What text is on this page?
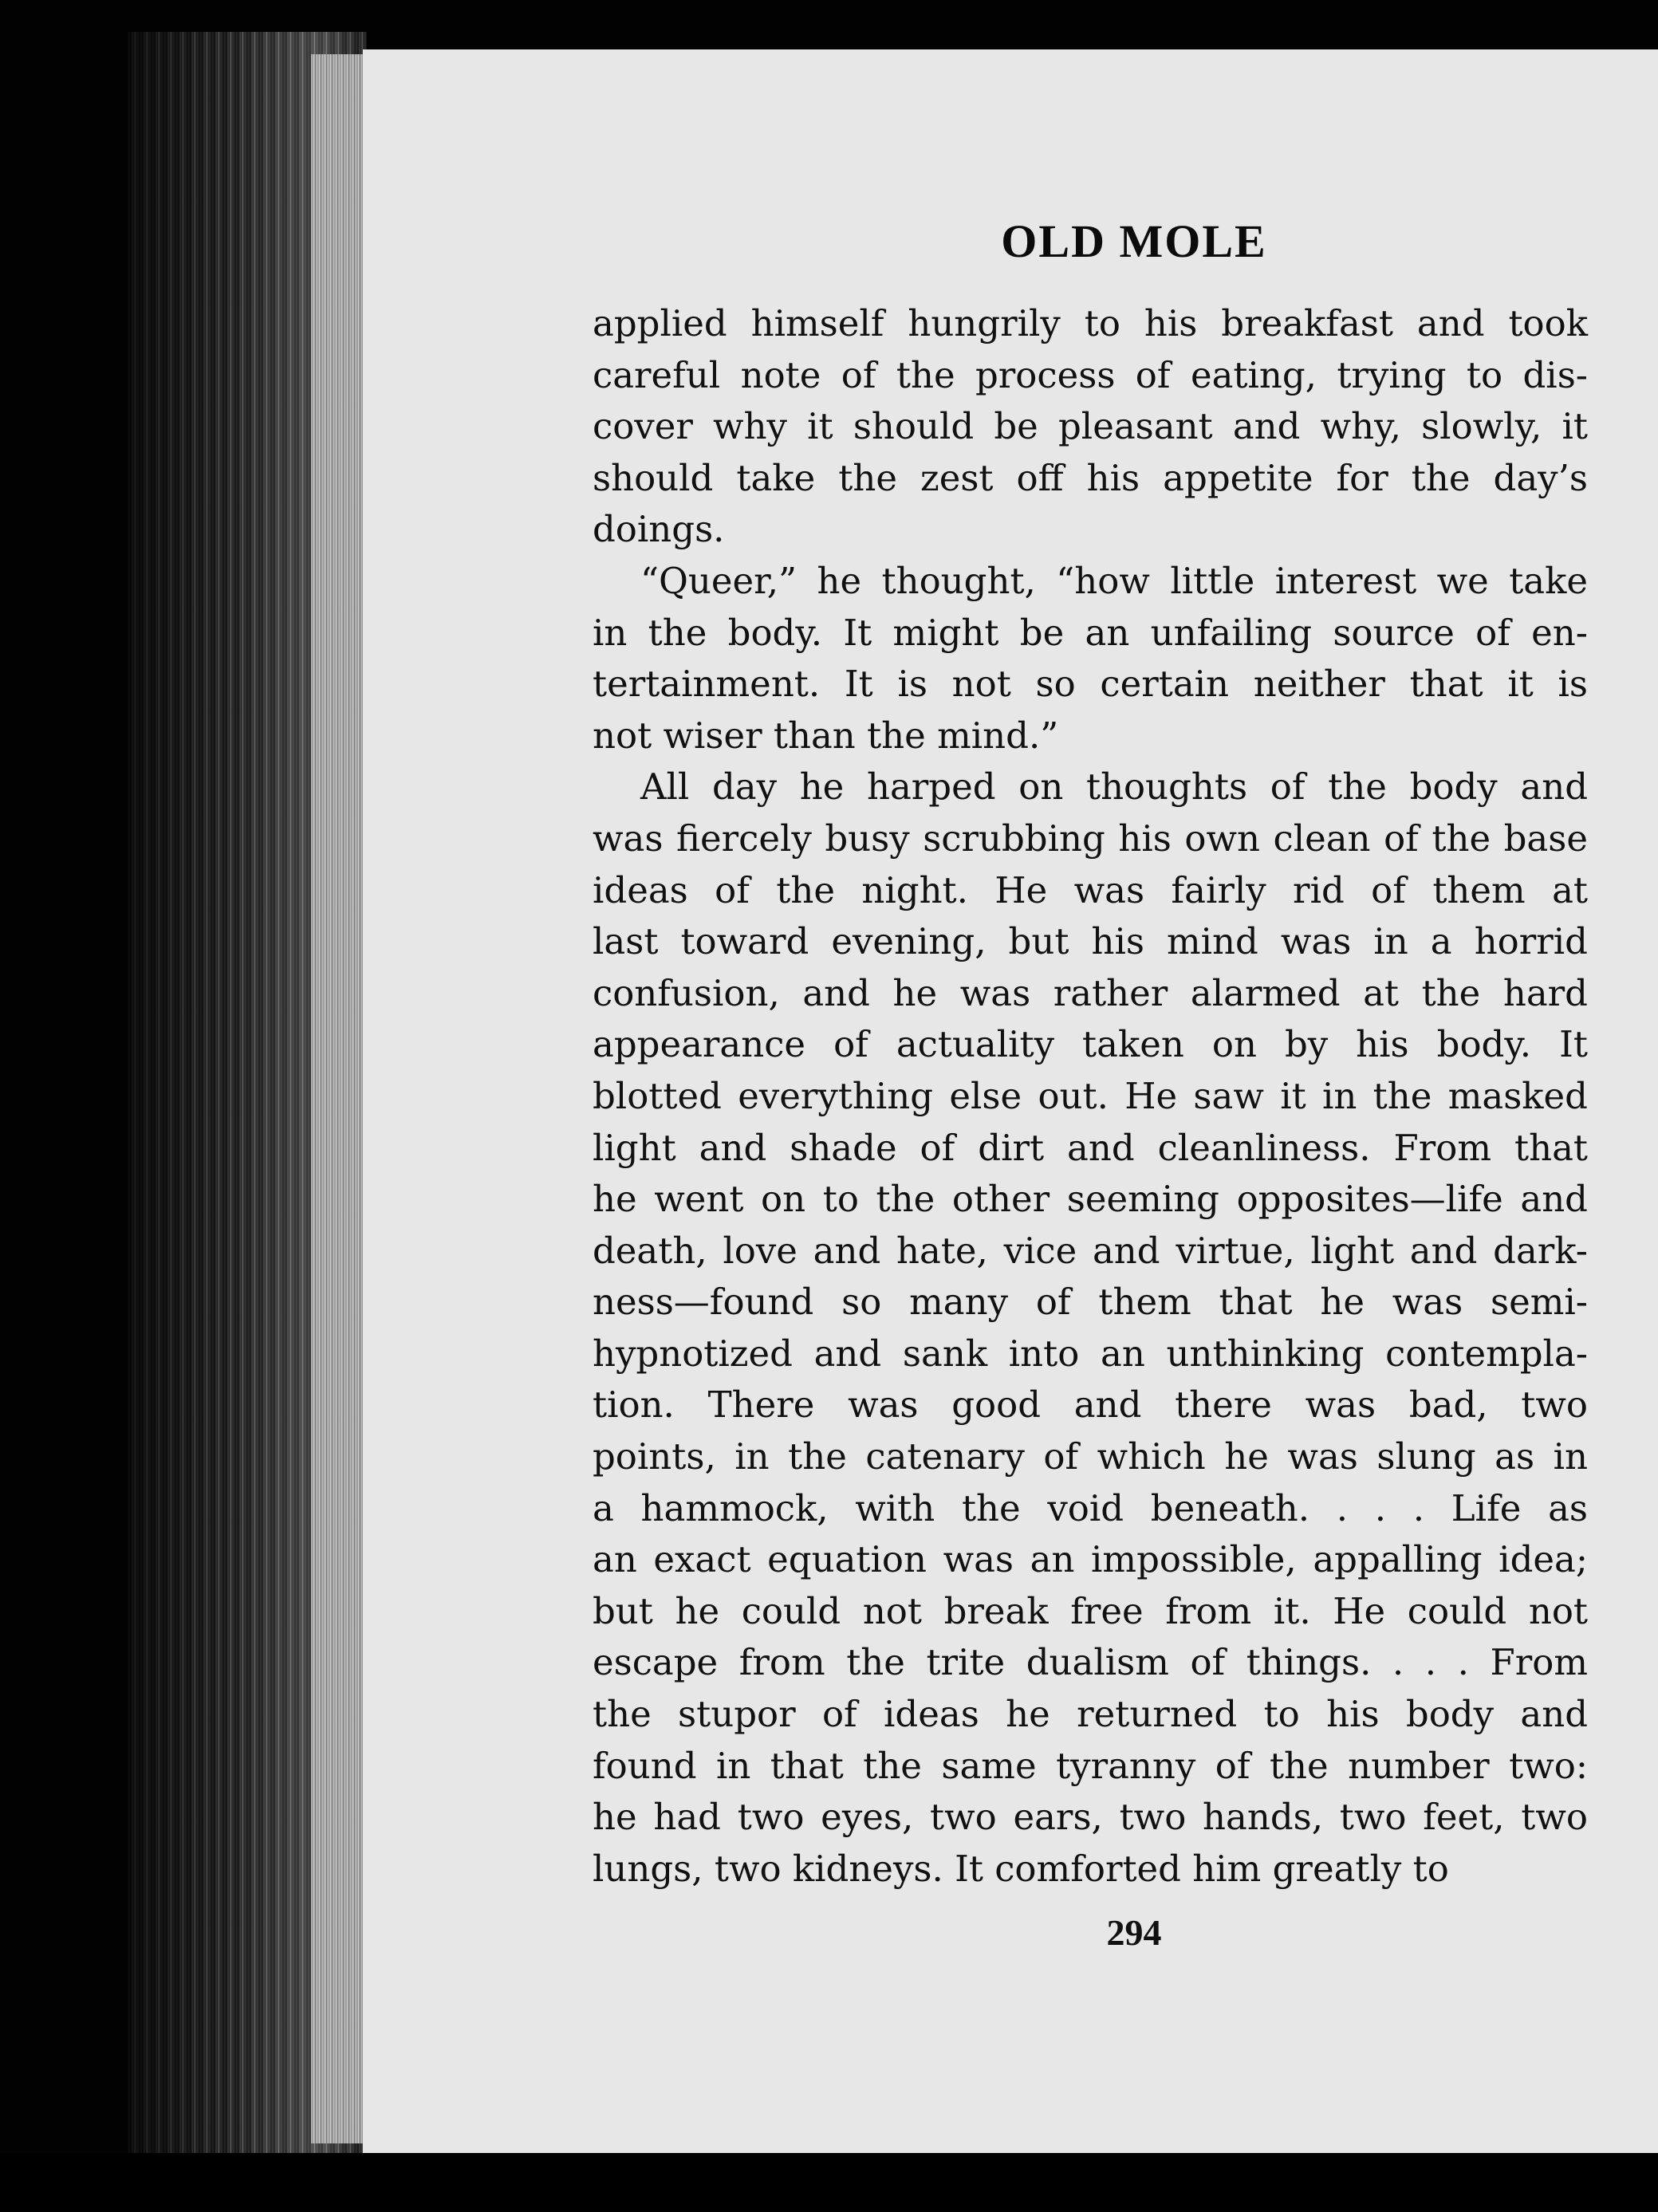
OLD MOLE

applied himself hungrily to his breakfast and took
careful note of the process of eating, trying to dis-
cover why it should be pleasant and why, slowly, it
should take the zest off his appetite for the day’s
doings.

“Queer,” he thought, “how little interest we take
in the body. It might be an unfailing source of en-
tertainment. It is not so certain neither that it is
not wiser than the mind.”

All day he harped on thoughts of the body and
was fiercely busy scrubbing his own clean of the base
ideas of the night. He was fairly rid of them at
last toward evening, but his mind was in a horrid
confusion, and he was rather alarmed at the hard
appearance of actuality taken on by his body. It
blotted everything else out. He saw it in the masked
light and shade of dirt and cleanliness. From that
he went on to the other seeming opposites—life and
death, love and hate, vice and virtue, light and dark-
ness—found so many of them that he was semi-
hypnotized and sank into an unthinking contempla-
tion. There was good and there was bad, two
points, in the catenary of which he was slung as in
a hammock, with the void beneath. . . . Life as
an exact equation was an impossible, appalling idea;
but he could not break free from it. He could not
escape from the trite dualism of things. . . . From
the stupor of ideas he returned to his body and
found in that the same tyranny of the number two:
he had two eyes, two ears, two hands, two feet, two
lungs, two kidneys. It comforted him greatly to

294
